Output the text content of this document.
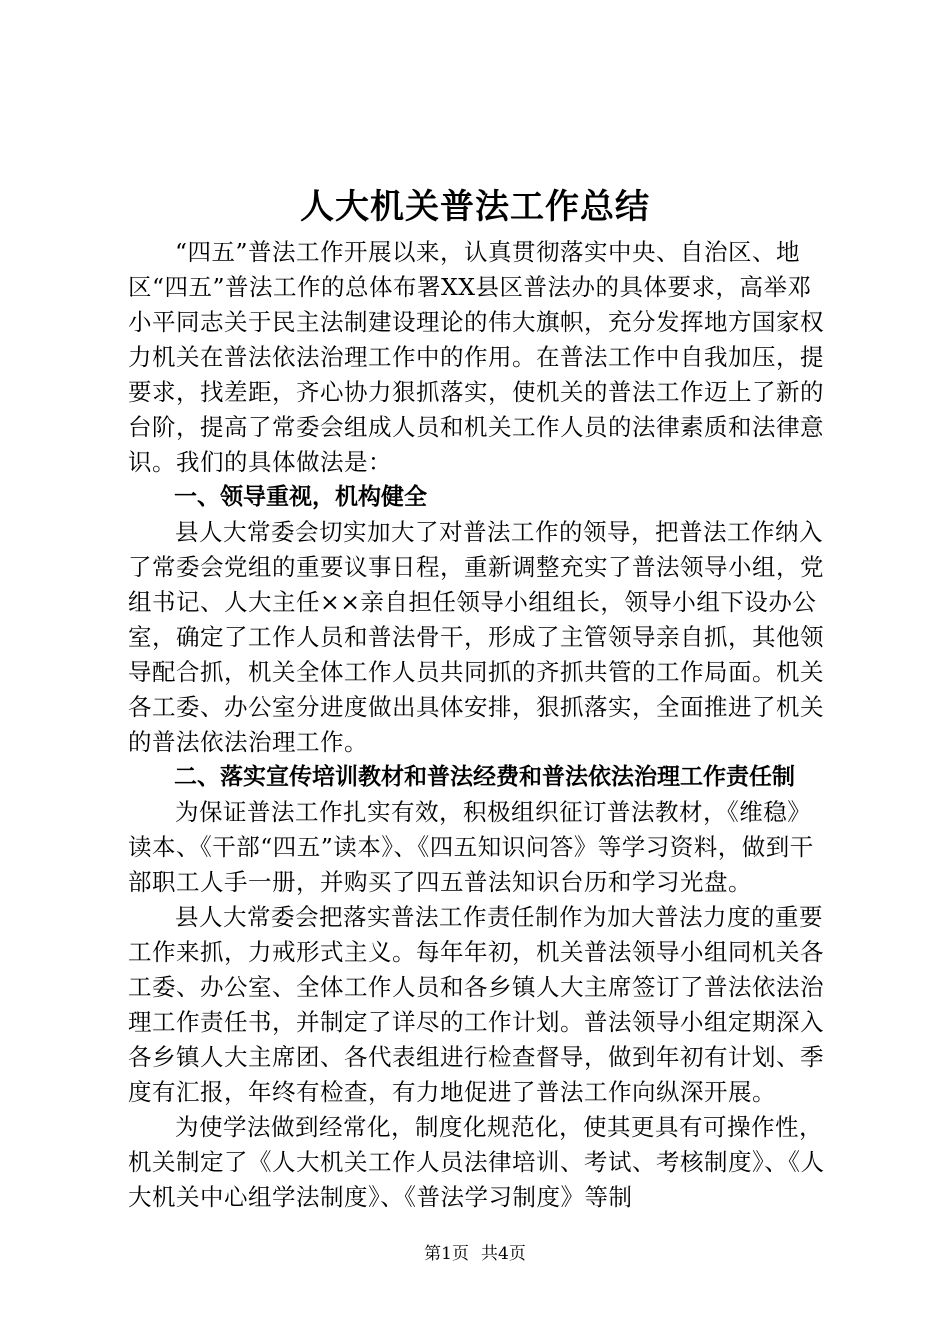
人大机关普法工作总结

“四五”普法工作开展以来，认真贯彻落实中央、自治区、地区“四五”普法工作的总体布署XX县区普法办的具体要求，高举邓小平同志关于民主法制建设理论的伟大旗帜，充分发挥地方国家权力机关在普法依法治理工作中的作用。在普法工作中自我加压，提要求，找差距，齐心协力狠抓落实，使机关的普法工作迈上了新的台阶，提高了常委会组成人员和机关工作人员的法律素质和法律意识。我们的具体做法是：

一、领导重视，机构健全

县人大常委会切实加大了对普法工作的领导，把普法工作纳入了常委会党组的重要议事日程，重新调整充实了普法领导小组，党组书记、人大主任××亲自担任领导小组组长，领导小组下设办公室，确定了工作人员和普法骨干，形成了主管领导亲自抓，其他领导配合抓，机关全体工作人员共同抓的齐抓共管的工作局面。机关各工委、办公室分进度做出具体安排，狠抓落实，全面推进了机关的普法依法治理工作。

二、落实宣传培训教材和普法经费和普法依法治理工作责任制

为保证普法工作扎实有效，积极组织征订普法教材，《维稳》读本、《干部“四五”读本》、《四五知识问答》等学习资料，做到干部职工人手一册，并购买了四五普法知识台历和学习光盘。

县人大常委会把落实普法工作责任制作为加大普法力度的重要工作来抓，力戒形式主义。每年年初，机关普法领导小组同机关各工委、办公室、全体工作人员和各乡镇人大主席签订了普法依法治理工作责任书，并制定了详尽的工作计划。普法领导小组定期深入各乡镇人大主席团、各代表组进行检查督导，做到年初有计划、季度有汇报，年终有检查，有力地促进了普法工作向纵深开展。

为使学法做到经常化，制度化规范化，使其更具有可操作性，机关制定了《人大机关工作人员法律培训、考试、考核制度》、《人大机关中心组学法制度》、《普法学习制度》等制

第1页 共4页
